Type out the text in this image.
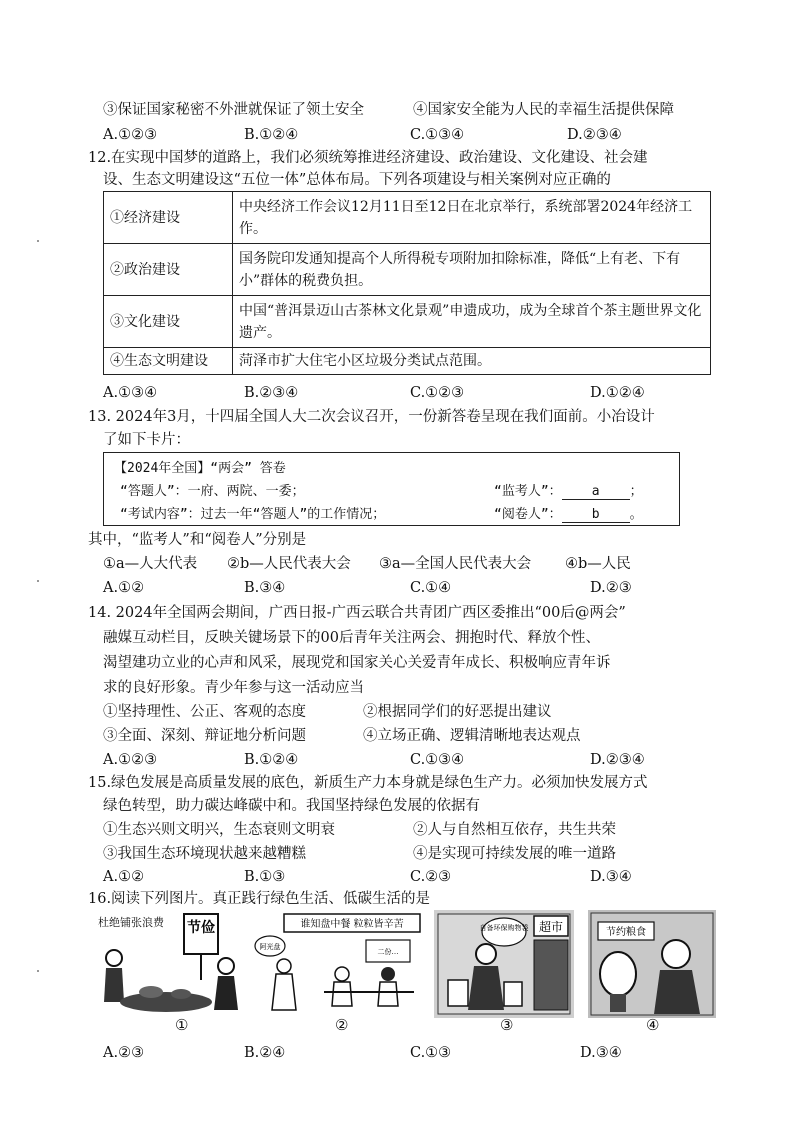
③保证国家秘密不外泄就保证了领土安全	④国家安全能为人民的幸福生活提供保障
A.①②③	B.①②④	C.①③④	D.②③④
12.在实现中国梦的道路上，我们必须统筹推进经济建设、政治建设、文化建设、社会建
设、生态文明建设这“五位一体”总体布局。下列各项建设与相关案例对应正确的
①经济建设	中央经济工作会议12月11日至12日在北京举行，系统部署2024年经济工作。
②政治建设	国务院印发通知提高个人所得税专项附加扣除标准，降低“上有老、下有小”群体的税费负担。
③文化建设	中国“普洱景迈山古茶林文化景观”申遗成功，成为全球首个茶主题世界文化遗产。
④生态文明建设	菏泽市扩大住宅小区垃圾分类试点范围。
A.①③④	B.②③④	C.①②③	D.①②④
13. 2024年3月，十四届全国人大二次会议召开，一份新答卷呈现在我们面前。小冶设计
了如下卡片：
【2024年全国】“两会” 答卷
“答题人”：一府、两院、一委；	“监考人”： a ；
“考试内容”：过去一年“答题人”的工作情况；	“阅卷人”： b 。
其中，“监考人”和“阅卷人”分别是
①a—人大代表 ②b—人民代表大会 ③a—全国人民代表大会 ④b—人民
A.①②	B.③④	C.①④	D.②③
14. 2024年全国两会期间，广西日报-广西云联合共青团广西区委推出“00后@两会”
融媒互动栏目，反映关键场景下的00后青年关注两会、拥抱时代、释放个性、
渴望建功立业的心声和风采，展现党和国家关心关爱青年成长、积极响应青年诉
求的良好形象。青少年参与这一活动应当
①坚持理性、公正、客观的态度	②根据同学们的好恶提出建议
③全面、深刻、辩证地分析问题	④立场正确、逻辑清晰地表达观点
A.①②③	B.①②④	C.①③④	D.②③④
15.绿色发展是高质量发展的底色，新质生产力本身就是绿色生产力。必须加快发展方式
绿色转型，助力碳达峰碳中和。我国坚持绿色发展的依据有
①生态兴则文明兴，生态衰则文明衰	②人与自然相互依存，共生共荣
③我国生态环境现状越来越糟糕	④是实现可持续发展的唯一道路
A.①②	B.①③	C.②③	D.③④
16.阅读下列图片。真正践行绿色生活、低碳生活的是
杜绝铺张浪费 节俭	谁知盘中餐 粒粒皆辛苦
阿光盘
二份…
超市
自备环保购物袋	节约粮食
①	②	③	④
A.②③	B.②④	C.①③	D.③④
